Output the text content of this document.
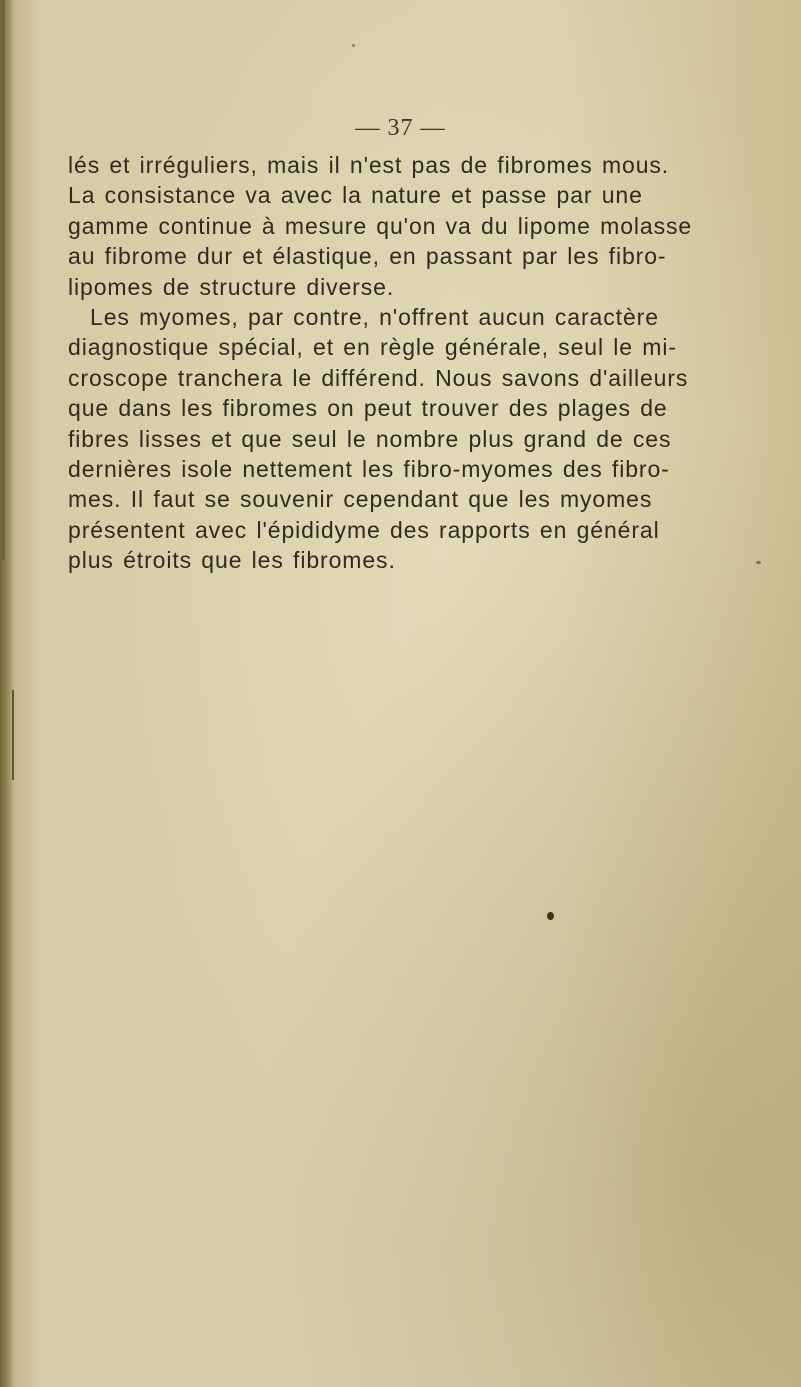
— 37 —
lés et irréguliers, mais il n'est pas de fibromes mous.
La consistance va avec la nature et passe par une
gamme continue à mesure qu'on va du lipome molasse
au fibrome dur et élastique, en passant par les fibro-
lipomes de structure diverse.
Les myomes, par contre, n'offrent aucun caractère
diagnostique spécial, et en règle générale, seul le mi-
croscope tranchera le différend. Nous savons d'ailleurs
que dans les fibromes on peut trouver des plages de
fibres lisses et que seul le nombre plus grand de ces
dernières isole nettement les fibro-myomes des fibro-
mes. Il faut se souvenir cependant que les myomes
présentent avec l'épididyme des rapports en général
plus étroits que les fibromes.
